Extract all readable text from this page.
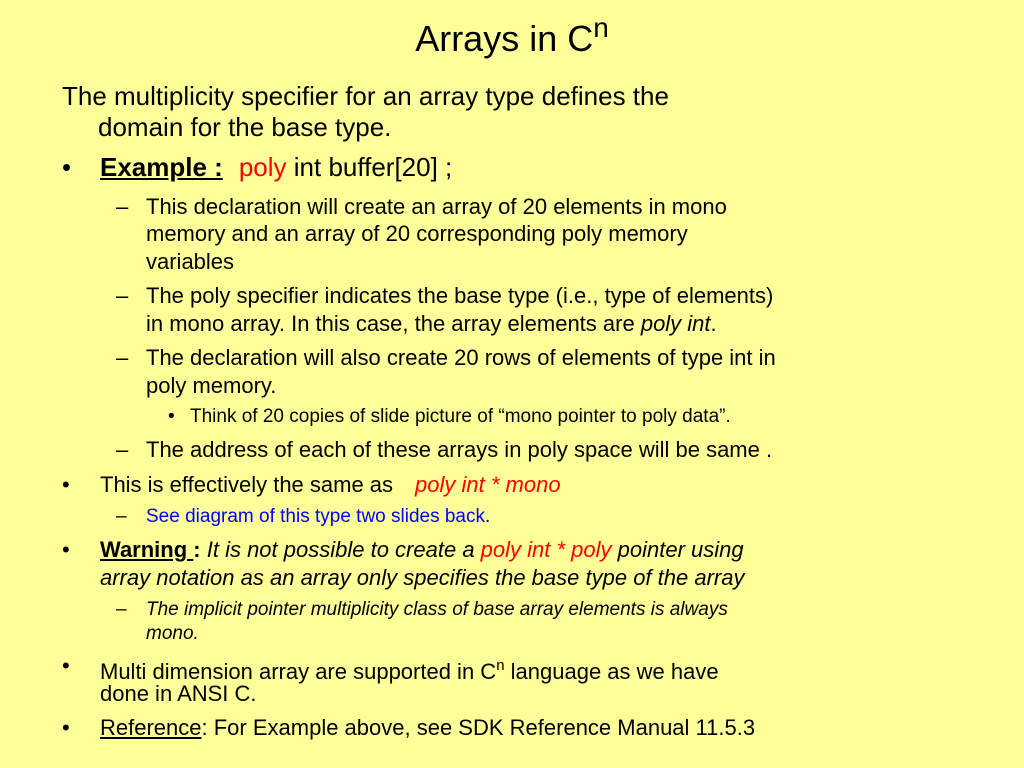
Arrays in $C^n$
The multiplicity specifier for an array type defines the
domain for the base type.
• Example : poly int buffer[20] ;
– This declaration will create an array of 20 elements in mono
memory and an array of 20 corresponding poly memory
variables
– The poly specifier indicates the base type (i.e., type of elements)
in mono array. In this case, the array elements are poly int.
– The declaration will also create 20 rows of elements of type int in
poly memory.
• Think of 20 copies of slide picture of “mono pointer to poly data”.
– The address of each of these arrays in poly space will be same .
• This is effectively the same as poly int * mono
– See diagram of this type two slides back.
• Warning : It is not possible to create a poly int * poly pointer using
array notation as an array only specifies the base type of the array
– The implicit pointer multiplicity class of base array elements is always
mono.
• Multi dimension array are supported in $C^n$ language as we have
done in ANSI C.
• Reference: For Example above, see SDK Reference Manual 11.5.3
